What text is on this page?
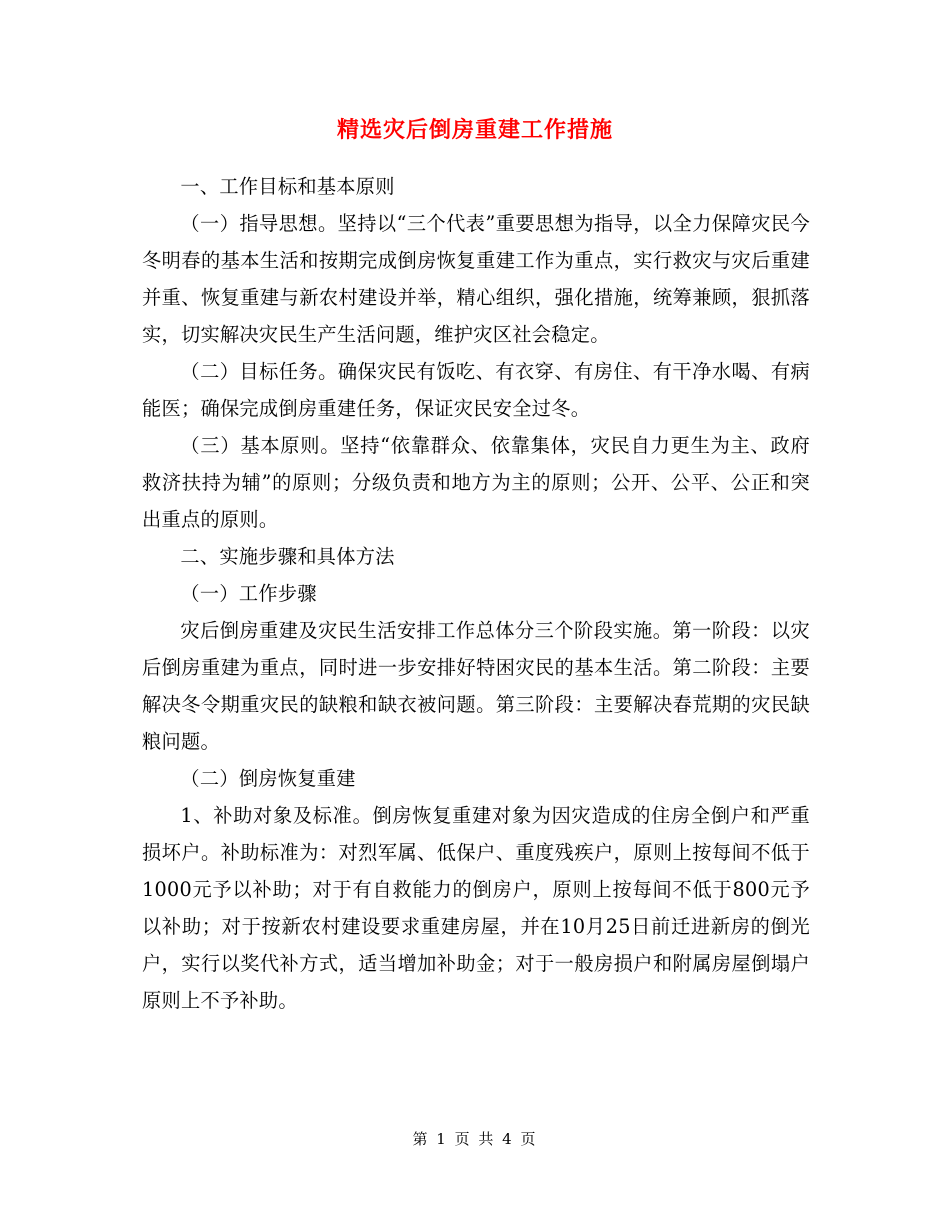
精选灾后倒房重建工作措施

一、工作目标和基本原则

（一）指导思想。坚持以“三个代表”重要思想为指导，以全力保障灾民今冬明春的基本生活和按期完成倒房恢复重建工作为重点，实行救灾与灾后重建并重、恢复重建与新农村建设并举，精心组织，强化措施，统筹兼顾，狠抓落实，切实解决灾民生产生活问题，维护灾区社会稳定。

（二）目标任务。确保灾民有饭吃、有衣穿、有房住、有干净水喝、有病能医；确保完成倒房重建任务，保证灾民安全过冬。

（三）基本原则。坚持“依靠群众、依靠集体，灾民自力更生为主、政府救济扶持为辅”的原则；分级负责和地方为主的原则；公开、公平、公正和突出重点的原则。

二、实施步骤和具体方法

（一）工作步骤

灾后倒房重建及灾民生活安排工作总体分三个阶段实施。第一阶段：以灾后倒房重建为重点，同时进一步安排好特困灾民的基本生活。第二阶段：主要解决冬令期重灾民的缺粮和缺衣被问题。第三阶段：主要解决春荒期的灾民缺粮问题。

（二）倒房恢复重建

1、补助对象及标准。倒房恢复重建对象为因灾造成的住房全倒户和严重损坏户。补助标准为：对烈军属、低保户、重度残疾户，原则上按每间不低于1000元予以补助；对于有自救能力的倒房户，原则上按每间不低于800元予以补助；对于按新农村建设要求重建房屋，并在10月25日前迁进新房的倒光户，实行以奖代补方式，适当增加补助金；对于一般房损户和附属房屋倒塌户原则上不予补助。

第 1 页 共 4 页
